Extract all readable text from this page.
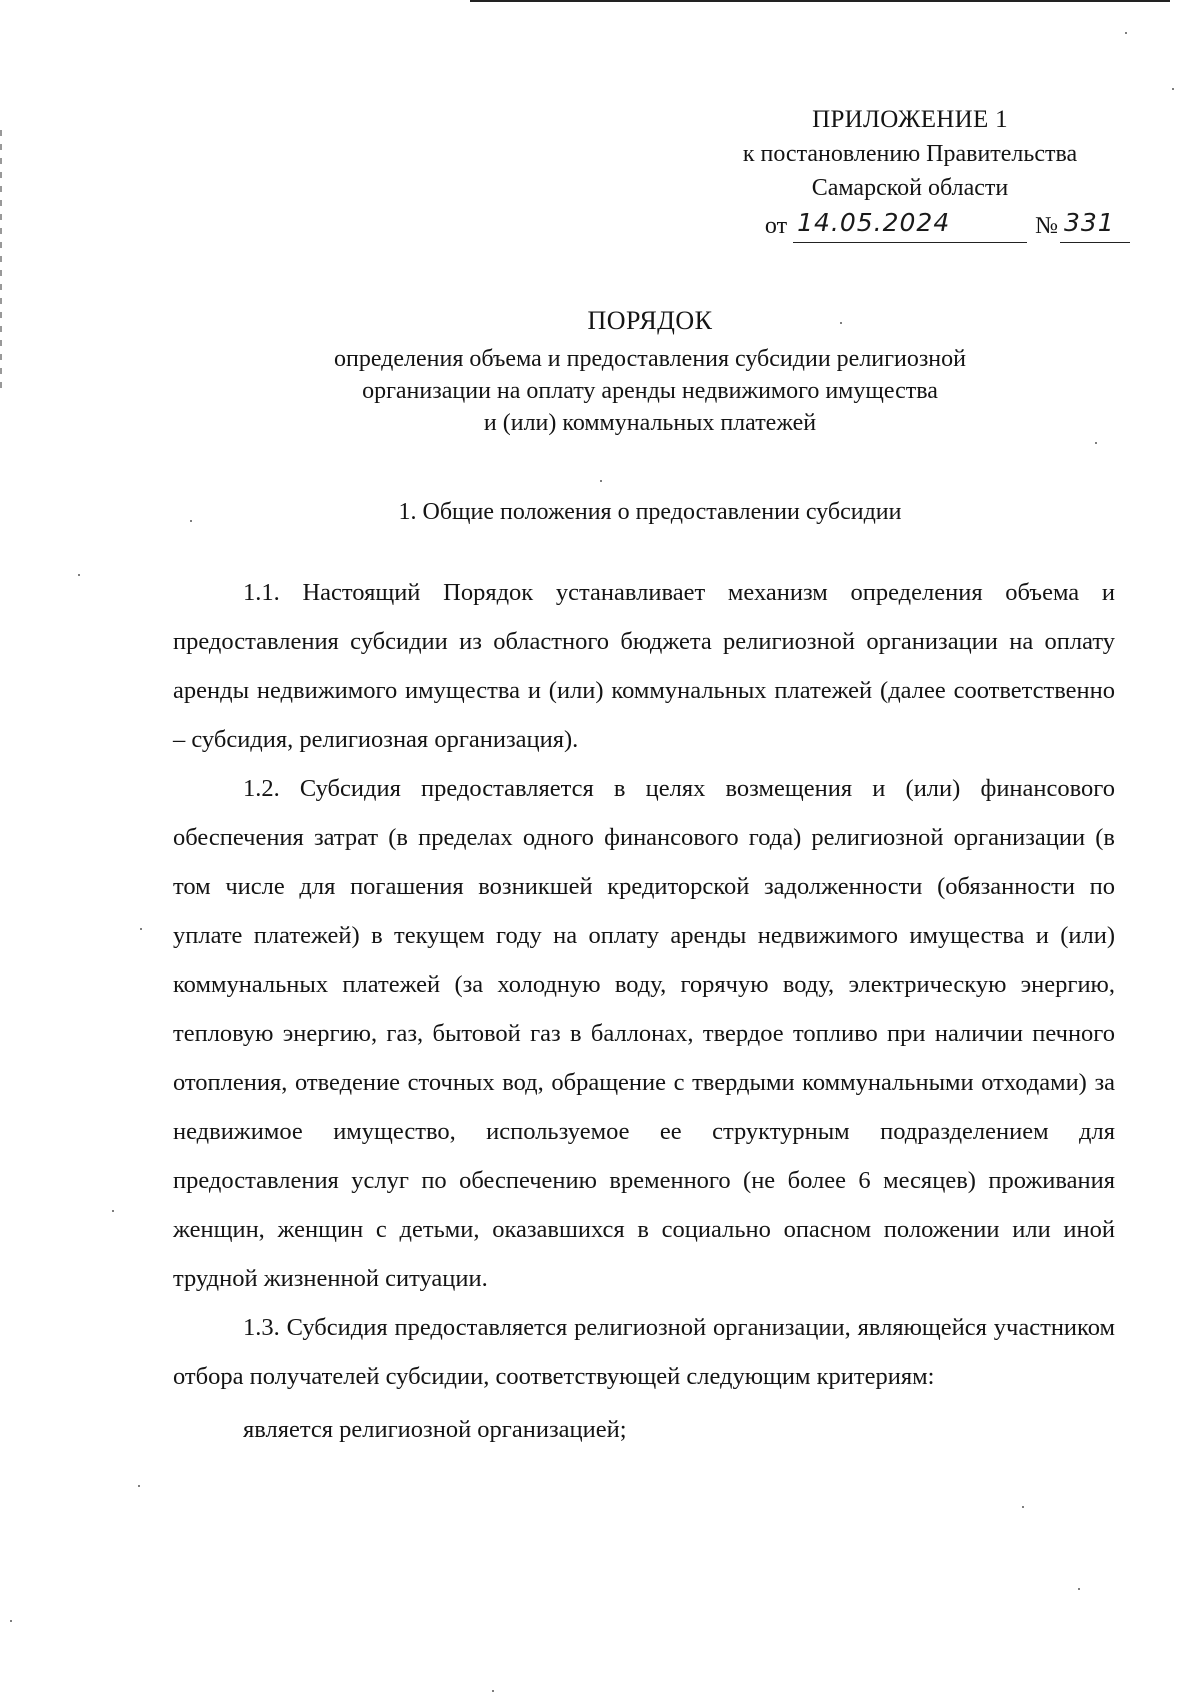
ПРИЛОЖЕНИЕ 1
к постановлению Правительства
Самарской области
от 14.05.2024	№ 331
ПОРЯДОК
определения объема и предоставления субсидии религиозной
организации на оплату аренды недвижимого имущества
и (или) коммунальных платежей
1. Общие положения о предоставлении субсидии

1.1. Настоящий Порядок устанавливает механизм определения объема и предоставления субсидии из областного бюджета религиозной организации на оплату аренды недвижимого имущества и (или) коммунальных платежей (далее соответственно – субсидия, религиозная организация).

1.2. Субсидия предоставляется в целях возмещения и (или) финансового обеспечения затрат (в пределах одного финансового года) религиозной организации (в том числе для погашения возникшей кредиторской задолженности (обязанности по уплате платежей) в текущем году на оплату аренды недвижимого имущества и (или) коммунальных платежей (за холодную воду, горячую воду, электрическую энергию, тепловую энергию, газ, бытовой газ в баллонах, твердое топливо при наличии печного отопления, отведение сточных вод, обращение с твердыми коммунальными отходами) за недвижимое имущество, используемое ее структурным подразделением для предоставления услуг по обеспечению временного (не более 6 месяцев) проживания женщин, женщин с детьми, оказавшихся в социально опасном положении или иной трудной жизненной ситуации.

1.3. Субсидия предоставляется религиозной организации, являющейся участником отбора получателей субсидии, соответствующей следующим критериям:

является религиозной организацией;
